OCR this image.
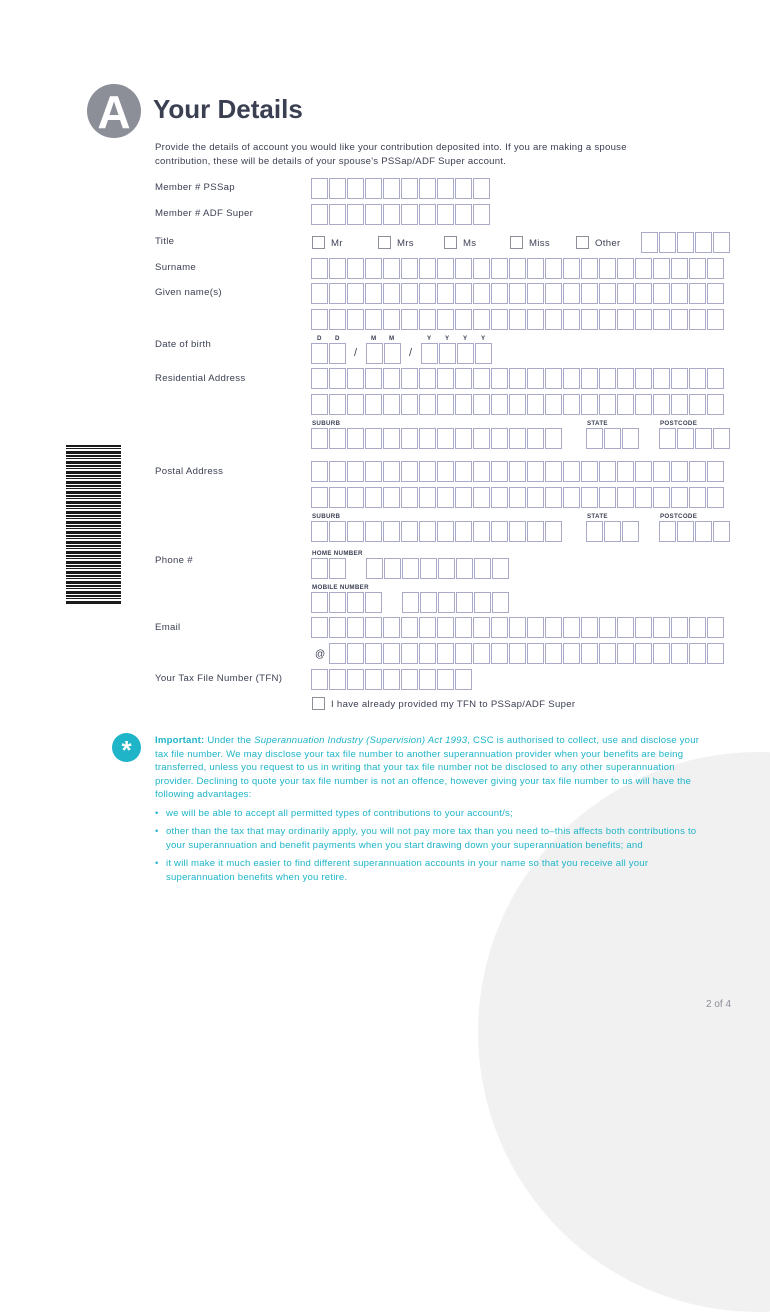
A Your Details
Provide the details of account you would like your contribution deposited into. If you are making a spouse contribution, these will be details of your spouse's PSSap/ADF Super account.
Member # PSSap
Member # ADF Super
Title	Mr	Mrs	Ms	Miss	Other
Surname
Given name(s)
Date of birth
D D	M M	Y Y Y Y
/	/
Residential Address
SUBURB	STATE	POSTCODE
Postal Address
SUBURB	STATE	POSTCODE
Phone #
HOME NUMBER
MOBILE NUMBER
Email
@
Your Tax File Number (TFN)
I have already provided my TFN to PSSap/ADF Super
*	Important: Under the Superannuation Industry (Supervision) Act 1993, CSC is authorised to collect, use and disclose your tax file number. We may disclose your tax file number to another superannuation provider when your benefits are being transferred, unless you request to us in writing that your tax file number not be disclosed to any other superannuation provider. Declining to quote your tax file number is not an offence, however giving your tax file number to us will have the following advantages:
• we will be able to accept all permitted types of contributions to your account/s;
• other than the tax that may ordinarily apply, you will not pay more tax than you need to–this affects both contributions to your superannuation and benefit payments when you start drawing down your superannuation benefits; and
• it will make it much easier to find different superannuation accounts in your name so that you receive all your superannuation benefits when you retire.
2 of 4
